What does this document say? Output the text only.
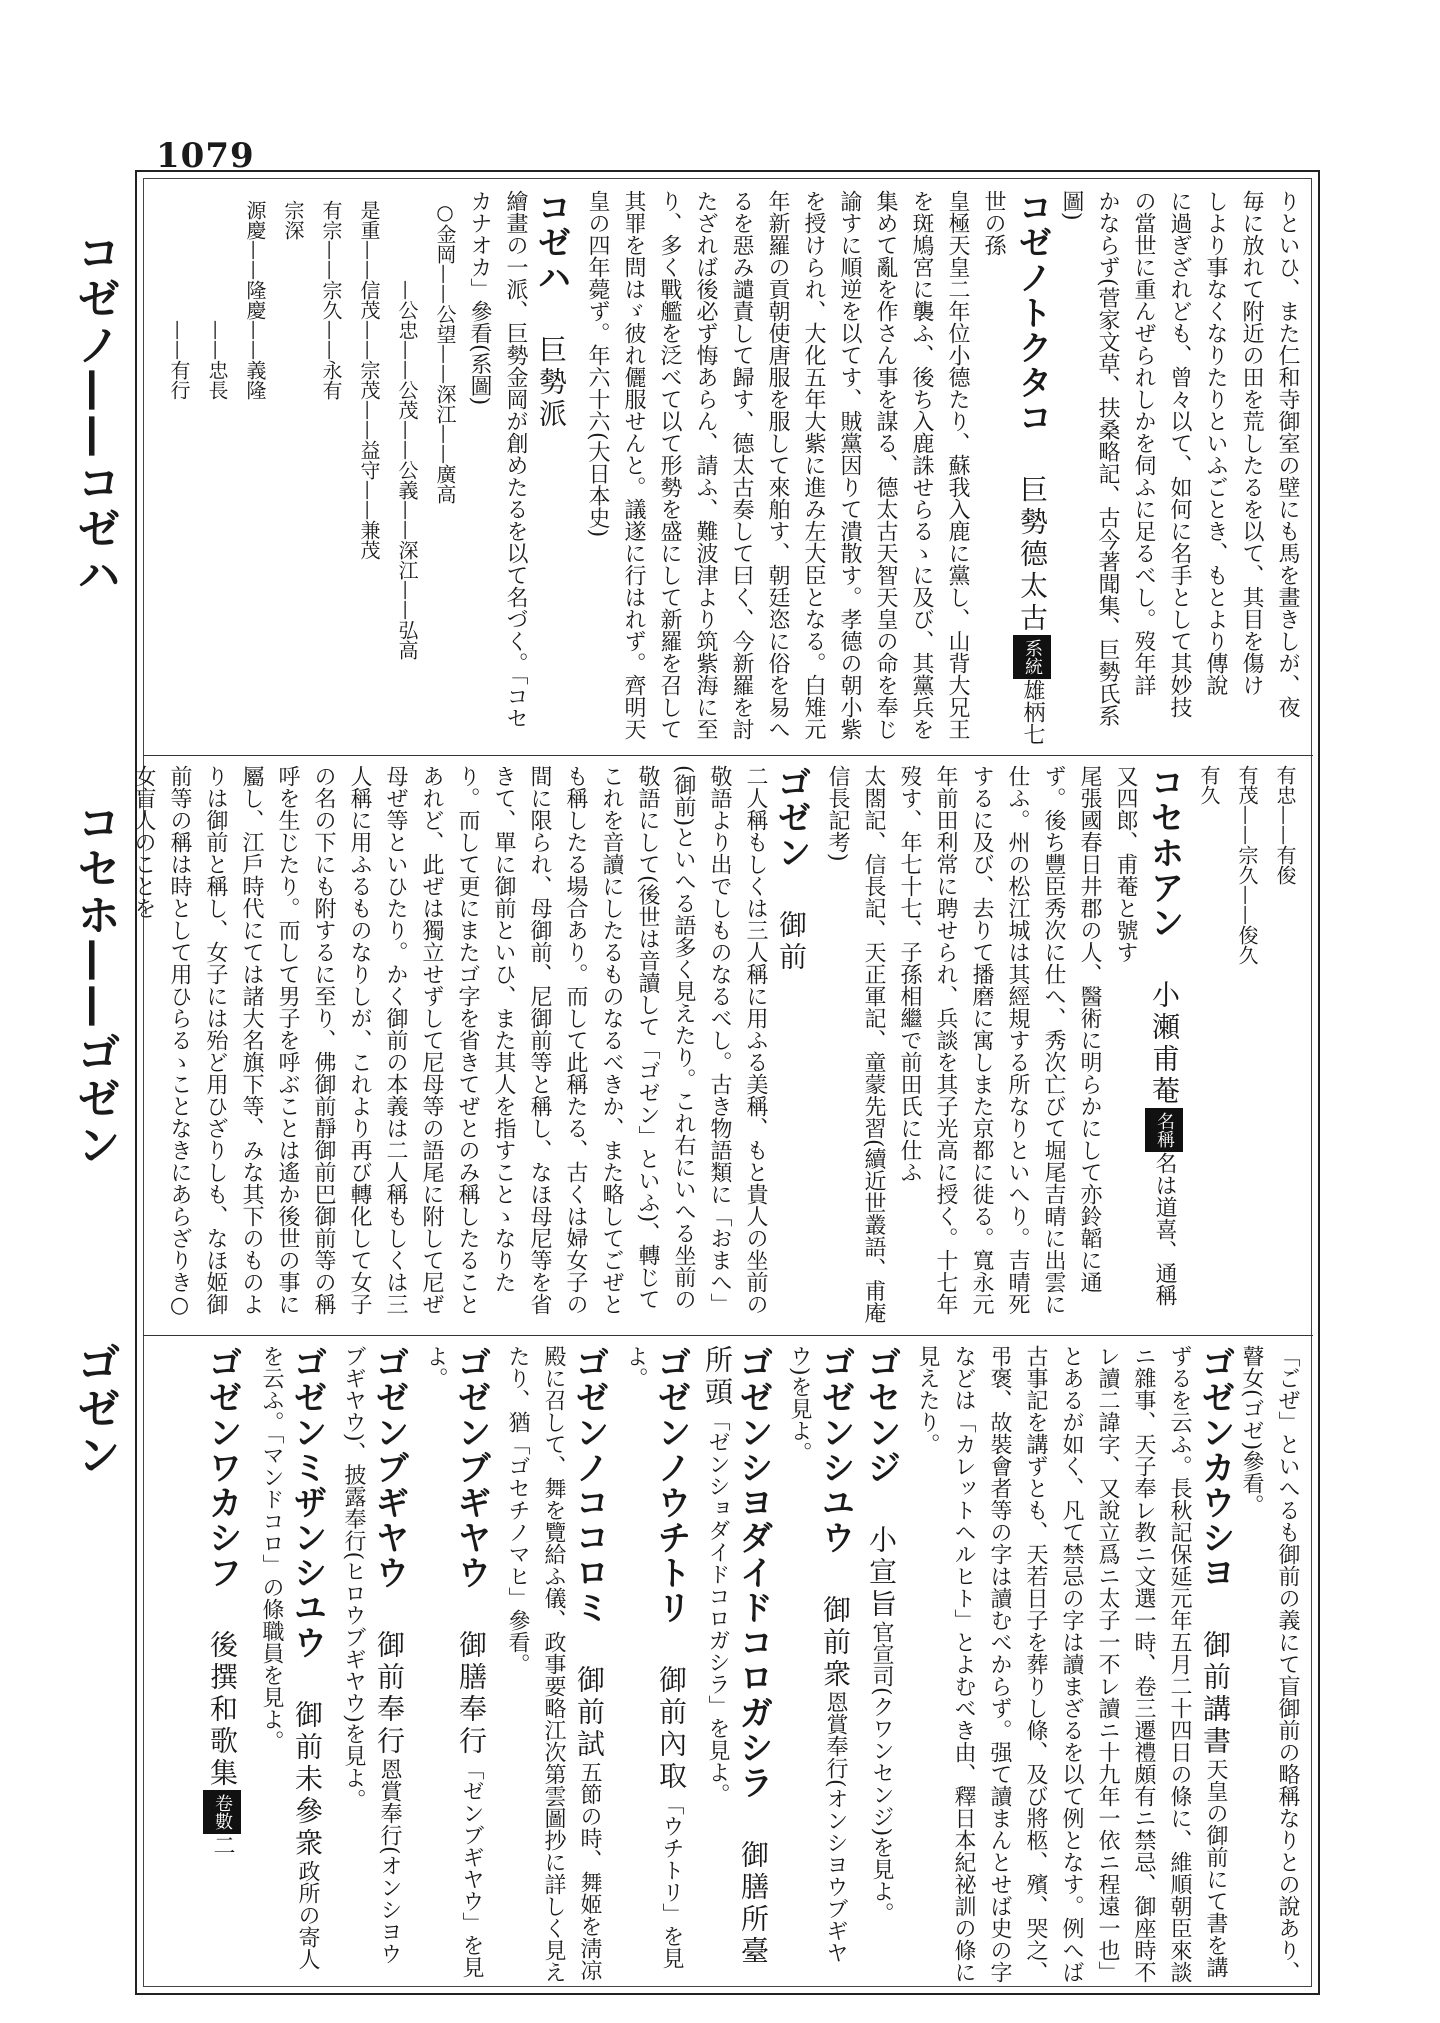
1079
コゼノ——コゼハ
コセホ——ゴゼン
ゴゼン
りといひ、また仁和寺御室の壁にも馬を畫きしが、夜
毎に放れて附近の田を荒したるを以て、其目を傷け
しより事なくなりたりといふごとき、もとより傳說
に過ぎざれども、曾々以て、如何に名手として其妙技
の當世に重んぜられしかを伺ふに足るべし。歿年詳
かならず(菅家文草、扶桑略記、古今著聞集、巨勢氏系
圖)
コゼノトクタコ巨勢德太古系統雄柄七世の孫
皇極天皇二年位小德たり、蘇我入鹿に黨し、山背大兄王を斑鳩宮に襲ふ、後ち入鹿誅せらるゝに及び、其黨兵を集めて亂を作さん事を謀る、德太古天智天皇の命を奉じ諭すに順逆を以てす、賊黨因りて潰散す。孝德の朝小紫を授けられ、大化五年大紫に進み左大臣となる。白雉元年新羅の貢朝使唐服を服して來舶す、朝廷恣に俗を易へるを惡み譴責して歸す、德太古奏して曰く、今新羅を討たざれば後必ず悔あらん、請ふ、難波津より筑紫海に至り、多く戰艦を泛べて以て形勢を盛にして新羅を召して其罪を問はゞ彼れ儷服せんと。議遂に行はれず。齊明天皇の四年薨ず。年六十六(大日本史)
コゼハ巨勢派
繪畫の一派、巨勢金岡が創めたるを以て名づく。「コセカナオカ」參看(系圖)
○金岡——公望——深江——廣高
　　　　—公忠——公茂——公義——深江——弘高
是重——信茂——宗茂——益守——兼茂
有宗——宗久——永有
宗深
源慶——隆慶——義隆
　　　　　　——忠長
　　　　　　——有行
有忠——有俊
有茂——宗久——俊久
有久
コセホアン小瀬甫菴名稱名は道喜、通稱又四郎、甫菴と號す
尾張國春日井郡の人、醫術に明らかにして亦鈴韜に通ず。後ち豐臣秀次に仕へ、秀次亡びて堀尾吉晴に出雲に仕ふ。州の松江城は其經規する所なりといへり。吉晴死するに及び、去りて播磨に寓しまた京都に徙る。寬永元年前田利常に聘せられ、兵談を其子光高に授く。十七年歿す、年七十七、子孫相繼で前田氏に仕ふ
太閤記、信長記、天正軍記、童蒙先習(續近世叢語、甫庵信長記考)
ゴゼン御前
二人稱もしくは三人稱に用ふる美稱、もと貴人の坐前の敬語より出でしものなるべし。古き物語類に「おまへ」(御前)といへる語多く見えたり。これ右にいへる坐前の敬語にして(後世は音讀して「ゴゼン」といふ)、轉じてこれを音讀にしたるものなるべきか、また略してごぜとも稱したる場合あり。而して此稱たる、古くは婦女子の間に限られ、母御前、尼御前等と稱し、なほ母尼等を省きて、單に御前といひ、また其人を指すことゝなりたり。而して更にまたゴ字を省きてぜとのみ稱したることあれど、此ぜは獨立せずして尼母等の語尾に附して尼ぜ母ぜ等といひたり。かく御前の本義は二人稱もしくは三人稱に用ふるものなりしが、これより再び轉化して女子の名の下にも附するに至り、佛御前靜御前巴御前等の稱呼を生じたり。而して男子を呼ぶことは遙か後世の事に屬し、江戶時代にては諸大名旗下等、みな其下のものよりは御前と稱し、女子には殆ど用ひざりしも、なほ姬御前等の稱は時として用ひらるゝことなきにあらざりき○女盲人のことを
「ごぜ」といへるも御前の義にて盲御前の略稱なりとの說あり、瞽女(ゴゼ)參看。
ゴゼンカウシヨ御前講書天皇の御前にて書を講ずるを云ふ。長秋記保延元年五月二十四日の條に、維順朝臣來談ニ雜事、天子奉レ教ニ文選一時、卷三遷禮頗有ニ禁忌、御座時不レ讀二諱字、又說立爲ニ太子一不レ讀ニ十九年一依ニ程遠一也」とあるが如く、凡て禁忌の字は讀まざるを以て例となす。例へば古事記を講ずとも、天若日子を葬りし條、及び將柩、殯、哭之、弔褒、故裝會者等の字は讀むべからず。强て讀まんとせば史の字などは「カレットヘルヒト」とよむべき由、釋日本紀祕訓の條に見えたり。
ゴセンジ小宣旨官宣司(クワンセンジ)を見よ。
ゴゼンシユウ御前衆恩賞奉行(オンシヨウブギヤウ)を見よ。
ゴゼンシヨダイドコロガシラ御膳所臺所頭「ゼンショダイドコロガシラ」を見よ。
ゴゼンノウチトリ御前內取「ウチトリ」を見よ。
ゴゼンノココロミ御前試五節の時、舞姬を淸凉殿に召して、舞を覽給ふ儀、政事要略江次第雲圖抄に詳しく見えたり、猶「ゴセチノマヒ」參看。
ゴゼンブギヤウ御膳奉行「ゼンブギヤウ」を見よ。
ゴゼンブギヤウ御前奉行恩賞奉行(オンシヨウブギヤウ)、披露奉行(ヒロウブギヤウ)を見よ。
ゴゼンミザンシユウ御前未參衆政所の寄人を云ふ。「マンドコロ」の條職員を見よ。
ゴゼンワカシフ後撰和歌集卷數二
